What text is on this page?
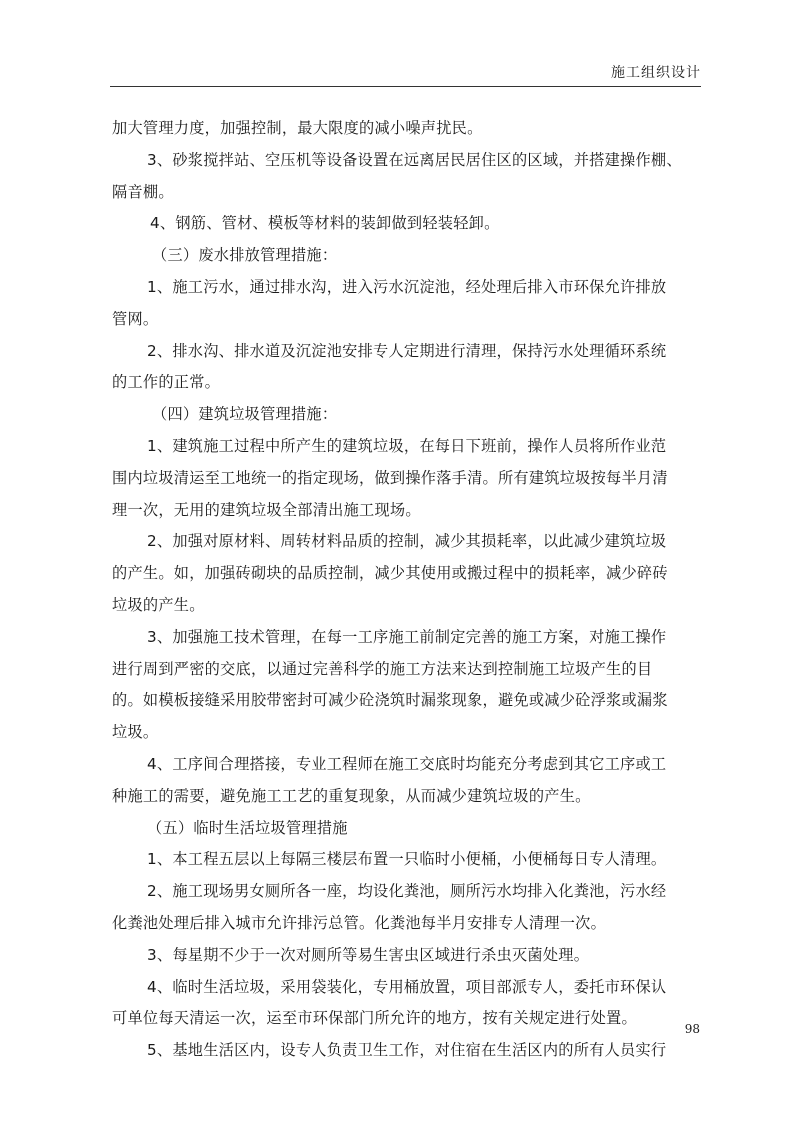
施工组织设计
加大管理力度，加强控制，最大限度的减小噪声扰民。
3、砂浆搅拌站、空压机等设备设置在远离居民居住区的区域，并搭建操作棚、
隔音棚。
4、钢筋、管材、模板等材料的装卸做到轻装轻卸。
（三）废水排放管理措施：
1、施工污水，通过排水沟，进入污水沉淀池，经处理后排入市环保允许排放
管网。
2、排水沟、排水道及沉淀池安排专人定期进行清理，保持污水处理循环系统
的工作的正常。
（四）建筑垃圾管理措施：
1、建筑施工过程中所产生的建筑垃圾，在每日下班前，操作人员将所作业范
围内垃圾清运至工地统一的指定现场，做到操作落手清。所有建筑垃圾按每半月清
理一次，无用的建筑垃圾全部清出施工现场。
2、加强对原材料、周转材料品质的控制，减少其损耗率，以此减少建筑垃圾
的产生。如，加强砖砌块的品质控制，减少其使用或搬过程中的损耗率，减少碎砖
垃圾的产生。
3、加强施工技术管理，在每一工序施工前制定完善的施工方案，对施工操作
进行周到严密的交底，以通过完善科学的施工方法来达到控制施工垃圾产生的目
的。如模板接缝采用胶带密封可减少砼浇筑时漏浆现象，避免或减少砼浮浆或漏浆
垃圾。
4、工序间合理搭接，专业工程师在施工交底时均能充分考虑到其它工序或工
种施工的需要，避免施工工艺的重复现象，从而减少建筑垃圾的产生。
（五）临时生活垃圾管理措施
1、本工程五层以上每隔三楼层布置一只临时小便桶，小便桶每日专人清理。
2、施工现场男女厕所各一座，均设化粪池，厕所污水均排入化粪池，污水经
化粪池处理后排入城市允许排污总管。化粪池每半月安排专人清理一次。
3、每星期不少于一次对厕所等易生害虫区域进行杀虫灭菌处理。
4、临时生活垃圾，采用袋装化，专用桶放置，项目部派专人，委托市环保认
可单位每天清运一次，运至市环保部门所允许的地方，按有关规定进行处置。
5、基地生活区内，设专人负责卫生工作，对住宿在生活区内的所有人员实行
98
